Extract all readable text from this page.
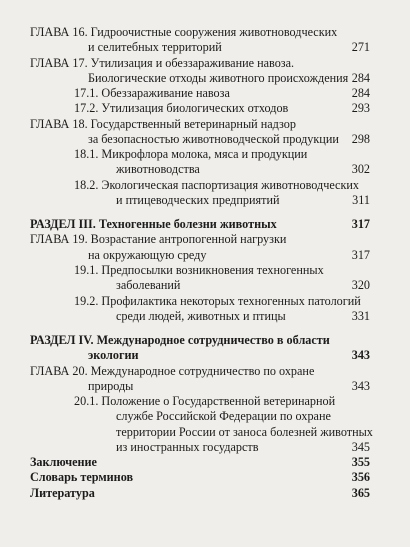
ГЛАВА 16. Гидроочистные сооружения животноводческих
и селитебных территорий	271
ГЛАВА 17. Утилизация и обеззараживание навоза.
Биологические отходы животного происхождения 284
17.1. Обеззараживание навоза	284
17.2. Утилизация биологических отходов	293
ГЛАВА 18. Государственный ветеринарный надзор
за безопасностью животноводческой продукции 298
18.1. Микрофлора молока, мяса и продукции
животноводства	302
18.2. Экологическая паспортизация животноводческих
и птицеводческих предприятий	311
РАЗДЕЛ III. Техногенные болезни животных	317
ГЛАВА 19. Возрастание антропогенной нагрузки
на окружающую среду	317
19.1. Предпосылки возникновения техногенных
заболеваний	320
19.2. Профилактика некоторых техногенных патологий
среди людей, животных и птицы	331
РАЗДЕЛ IV. Международное сотрудничество в области
экологии	343
ГЛАВА 20. Международное сотрудничество по охране
природы	343
20.1. Положение о Государственной ветеринарной
службе Российской Федерации по охране
территории России от заноса болезней животных
из иностранных государств	345
Заключение	355
Словарь терминов	356
Литература	365
